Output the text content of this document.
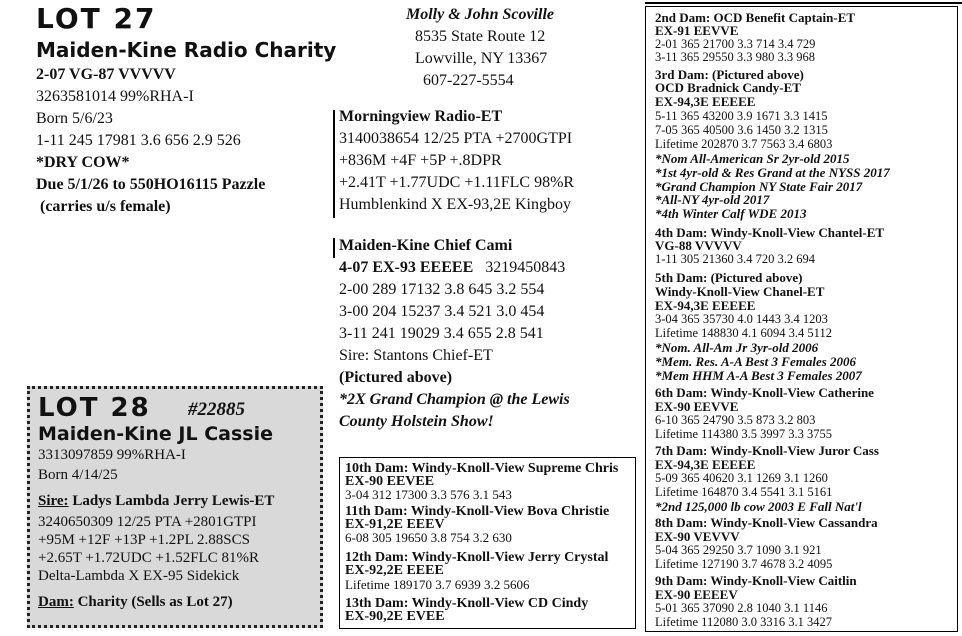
LOT 27
Maiden-Kine Radio Charity
2-07 VG-87 VVVVV
3263581014 99%RHA-I
Born 5/6/23
1-11 245 17981 3.6 656 2.9 526
*DRY COW*
Due 5/1/26 to 550HO16115 Pazzle
(carries u/s female)
LOT 28 #22885
Maiden-Kine JL Cassie
3313097859 99%RHA-I
Born 4/14/25
Sire: Ladys Lambda Jerry Lewis-ET
3240650309 12/25 PTA +2801GTPI
+95M +12F +13P +1.2PL 2.88SCS
+2.65T +1.72UDC +1.52FLC 81%R
Delta-Lambda X EX-95 Sidekick
Dam: Charity (Sells as Lot 27)
Molly & John Scoville
8535 State Route 12
Lowville, NY 13367
607-227-5554
Morningview Radio-ET
3140038654 12/25 PTA +2700GTPI
+836M +4F +5P +.8DPR
+2.41T +1.77UDC +1.11FLC 98%R
Humblenkind X EX-93,2E Kingboy
Maiden-Kine Chief Cami
4-07 EX-93 EEEEE 3219450843
2-00 289 17132 3.8 645 3.2 554
3-00 204 15237 3.4 521 3.0 454
3-11 241 19029 3.4 655 2.8 541
Sire: Stantons Chief-ET
(Pictured above)
*2X Grand Champion @ the Lewis
County Holstein Show!
10th Dam: Windy-Knoll-View Supreme Chris
EX-90 EEVEE
3-04 312 17300 3.3 576 3.1 543
11th Dam: Windy-Knoll-View Bova Christie
EX-91,2E EEEV
6-08 305 19650 3.8 754 3.2 630
12th Dam: Windy-Knoll-View Jerry Crystal
EX-92,2E EEEE
Lifetime 189170 3.7 6939 3.2 5606
13th Dam: Windy-Knoll-View CD Cindy
EX-90,2E EVEE
2nd Dam: OCD Benefit Captain-ET
EX-91 EEVVE
2-01 365 21700 3.3 714 3.4 729
3-11 365 29550 3.3 980 3.3 968
3rd Dam: (Pictured above)
OCD Bradnick Candy-ET
EX-94,3E EEEEE
5-11 365 43200 3.9 1671 3.3 1415
7-05 365 40500 3.6 1450 3.2 1315
Lifetime 202870 3.7 7563 3.4 6803
*Nom All-American Sr 2yr-old 2015
*1st 4yr-old & Res Grand at the NYSS 2017
*Grand Champion NY State Fair 2017
*All-NY 4yr-old 2017
*4th Winter Calf WDE 2013
4th Dam: Windy-Knoll-View Chantel-ET
VG-88 VVVVV
1-11 305 21360 3.4 720 3.2 694
5th Dam: (Pictured above)
Windy-Knoll-View Chanel-ET
EX-94,3E EEEEE
3-04 365 35730 4.0 1443 3.4 1203
Lifetime 148830 4.1 6094 3.4 5112
*Nom. All-Am Jr 3yr-old 2006
*Mem. Res. A-A Best 3 Females 2006
*Mem HHM A-A Best 3 Females 2007
6th Dam: Windy-Knoll-View Catherine
EX-90 EEVVE
6-10 365 24790 3.5 873 3.2 803
Lifetime 114380 3.5 3997 3.3 3755
7th Dam: Windy-Knoll-View Juror Cass
EX-94,3E EEEEE
5-09 365 40620 3.1 1269 3.1 1260
Lifetime 164870 3.4 5541 3.1 5161
*2nd 125,000 lb cow 2003 E Fall Nat'l
8th Dam: Windy-Knoll-View Cassandra
EX-90 VEVVV
5-04 365 29250 3.7 1090 3.1 921
Lifetime 127190 3.7 4678 3.2 4095
9th Dam: Windy-Knoll-View Caitlin
EX-90 EEEEV
5-01 365 37090 2.8 1040 3.1 1146
Lifetime 112080 3.0 3316 3.1 3427
